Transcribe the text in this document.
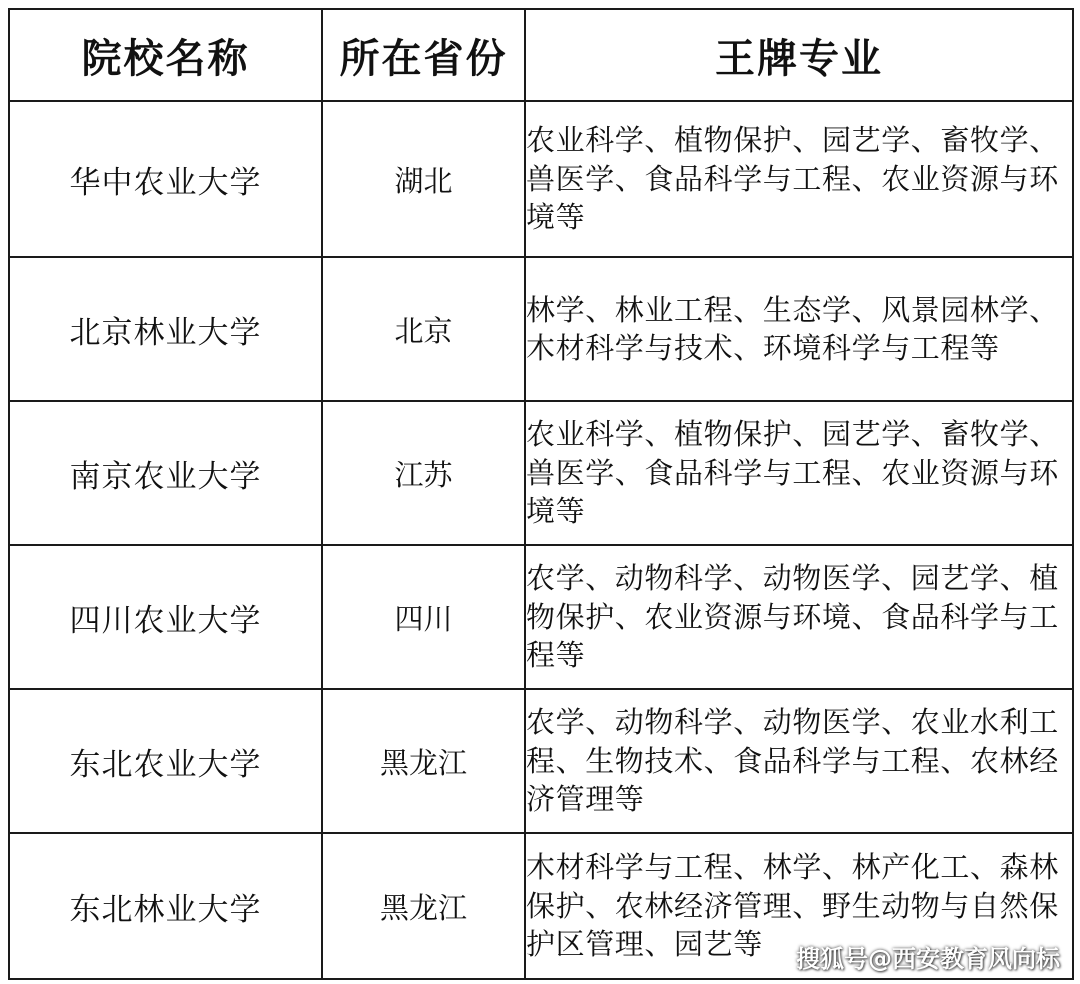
院校名称	所在省份	王牌专业
华中农业大学	湖北	农业科学、植物保护、园艺学、畜牧学、兽医学、食品科学与工程、农业资源与环境等
北京林业大学	北京	林学、林业工程、生态学、风景园林学、木材科学与技术、环境科学与工程等
南京农业大学	江苏	农业科学、植物保护、园艺学、畜牧学、兽医学、食品科学与工程、农业资源与环境等
四川农业大学	四川	农学、动物科学、动物医学、园艺学、植物保护、农业资源与环境、食品科学与工程等
东北农业大学	黑龙江	农学、动物科学、动物医学、农业水利工程、生物技术、食品科学与工程、农林经济管理等
东北林业大学	黑龙江	木材科学与工程、林学、林产化工、森林保护、农林经济管理、野生动物与自然保护区管理、园艺等 搜狐号@西安教育风向标
